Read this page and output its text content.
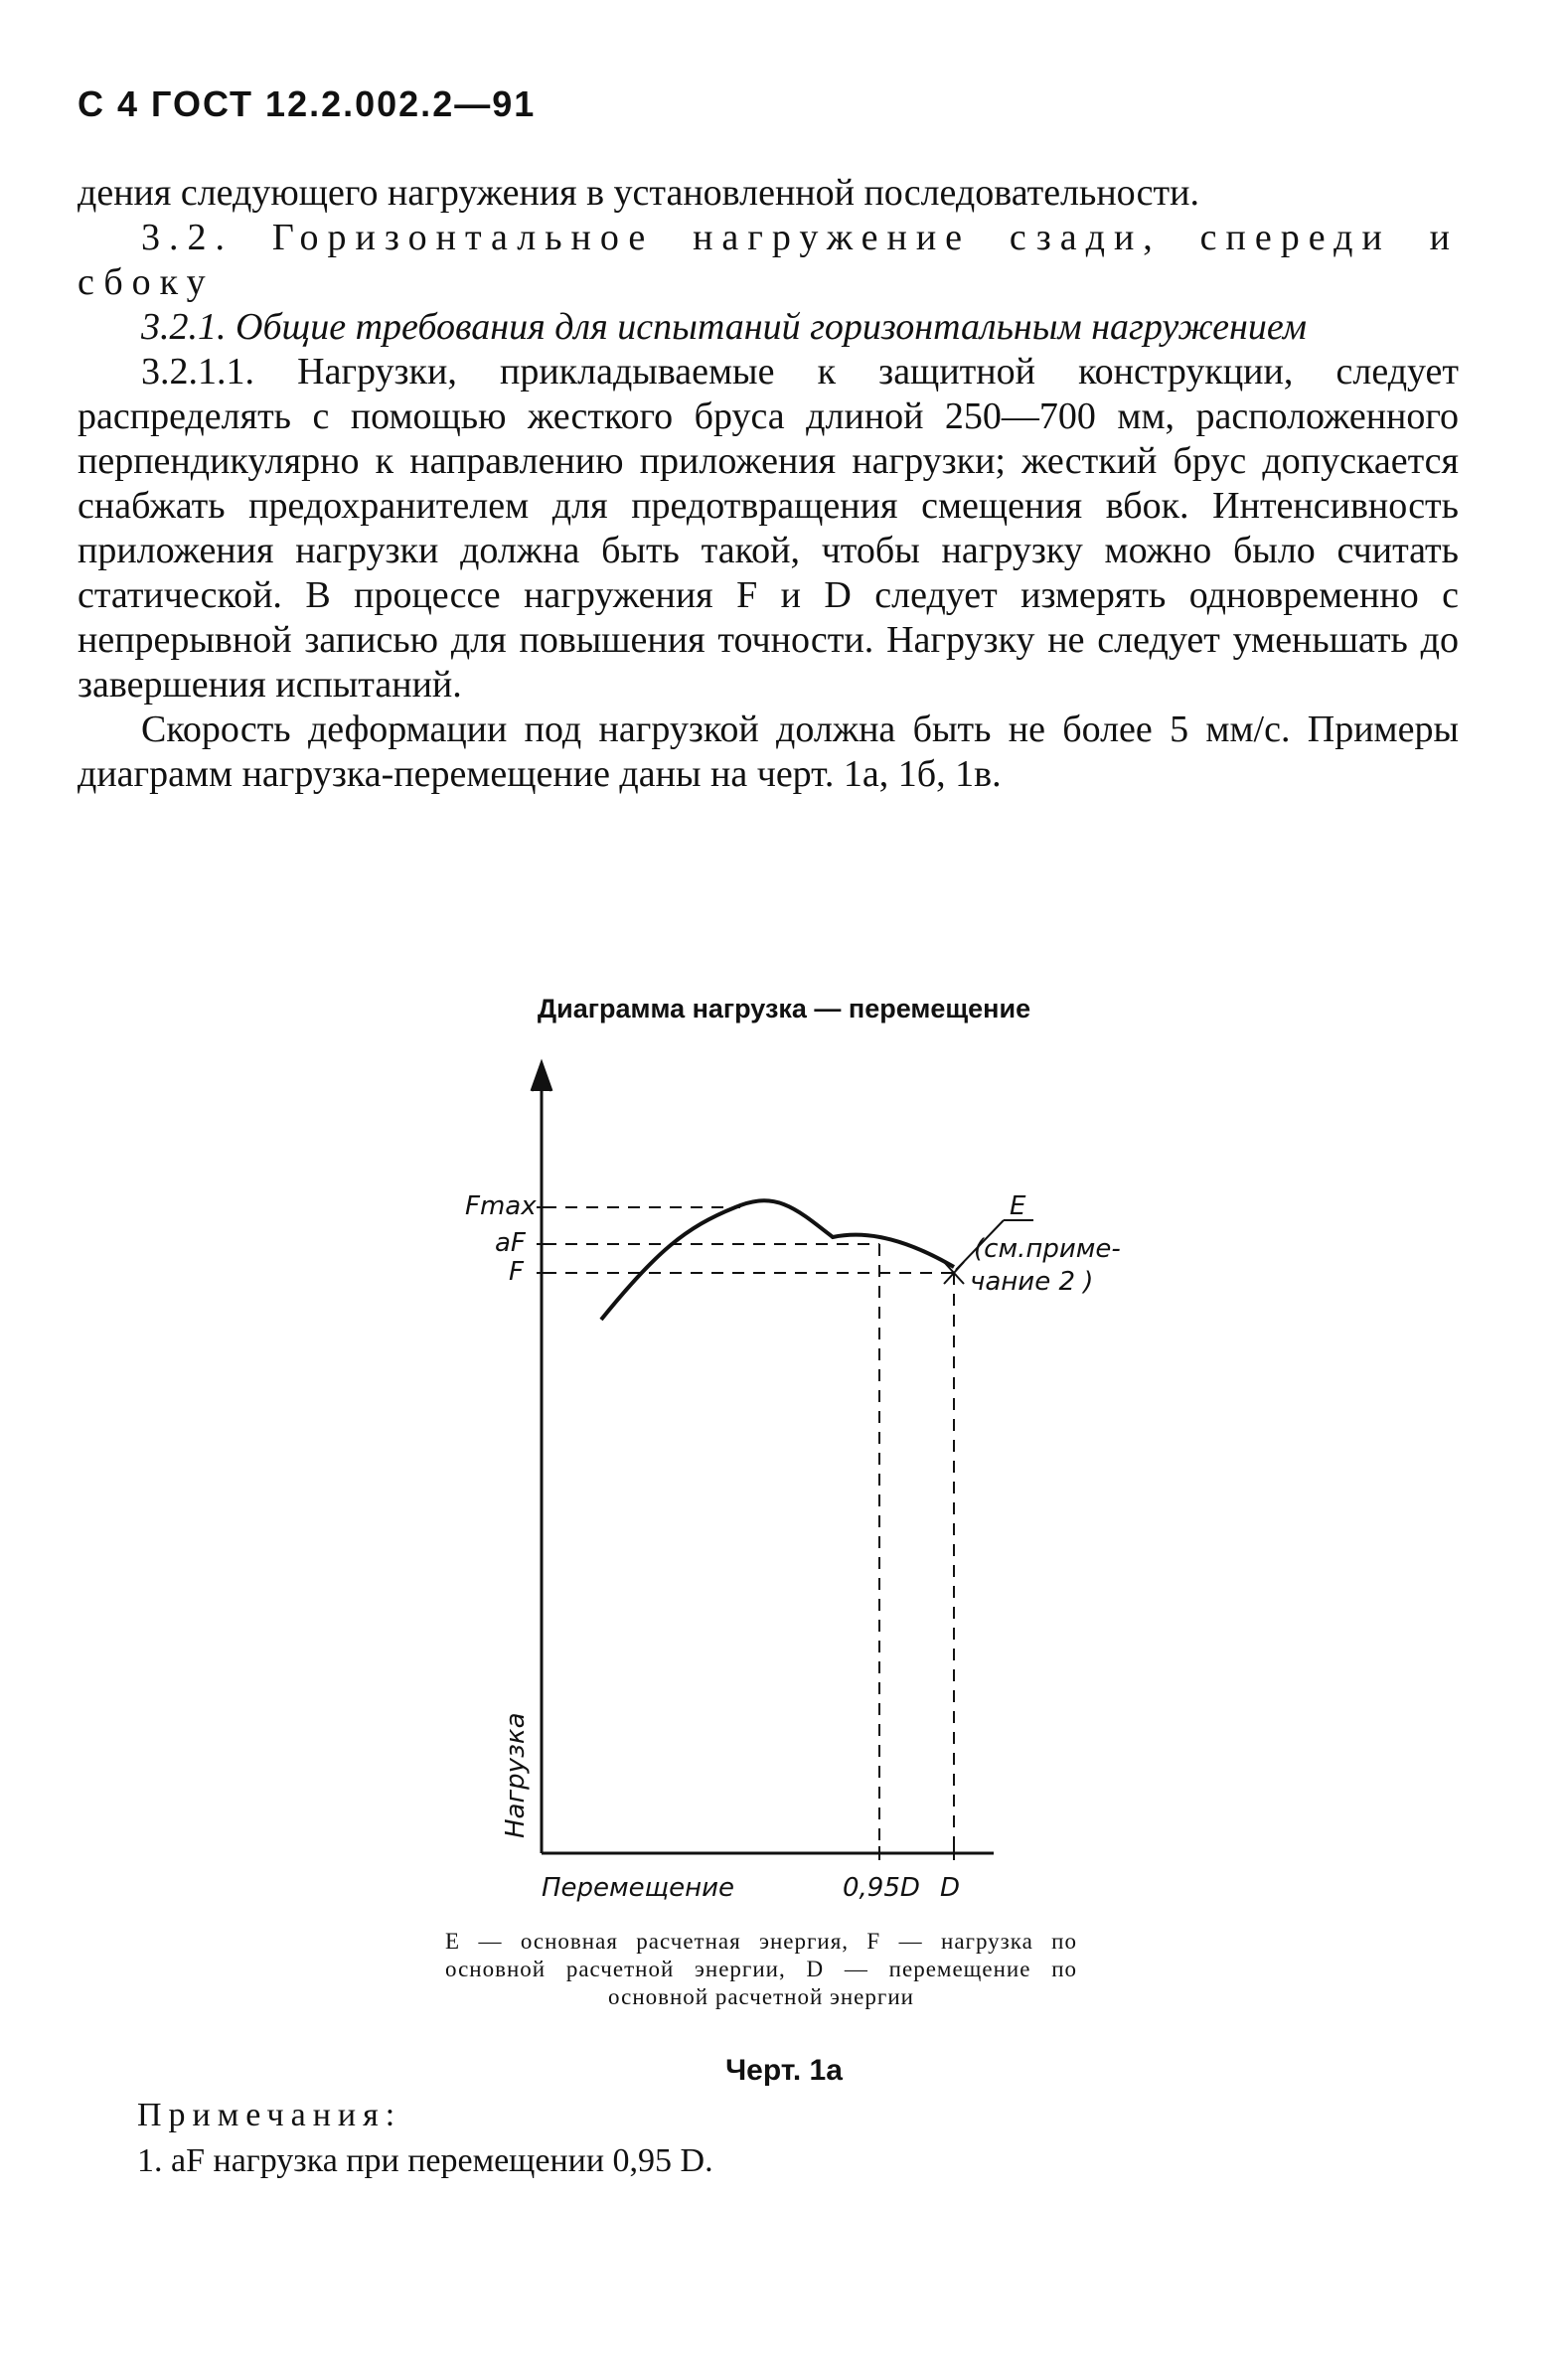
С 4 ГОСТ 12.2.002.2—91

дения следующего нагружения в установленной последовательности.

3.2. Горизонтальное нагружение сзади, спереди и сбоку

3.2.1. Общие требования для испытаний горизонтальным нагружением

3.2.1.1. Нагрузки, прикладываемые к защитной конструкции, следует распределять с помощью жесткого бруса длиной 250—700 мм, расположенного перпендикулярно к направлению приложения нагрузки; жесткий брус допускается снабжать предохранителем для предотвращения смещения вбок. Интенсивность приложения нагрузки должна быть такой, чтобы нагрузку можно было считать статической. В процессе нагружения F и D следует измерять одновременно с непрерывной записью для повышения точности. Нагрузку не следует уменьшать до завершения испытаний.

Скорость деформации под нагрузкой должна быть не более 5 мм/с. Примеры диаграмм нагрузка-перемещение даны на черт. 1а, 1б, 1в.

Диаграмма нагрузка — перемещение
Fmax
aF
F
E
(см.приме-
чание 2 )
Перемещение	0,95D D
Нагрузка
E — основная расчетная энергия, F — нагрузка по основной расчетной энергии, D — перемещение по основной расчетной энергии
Черт. 1а
Примечания:
1. aF нагрузка при перемещении 0,95 D.
